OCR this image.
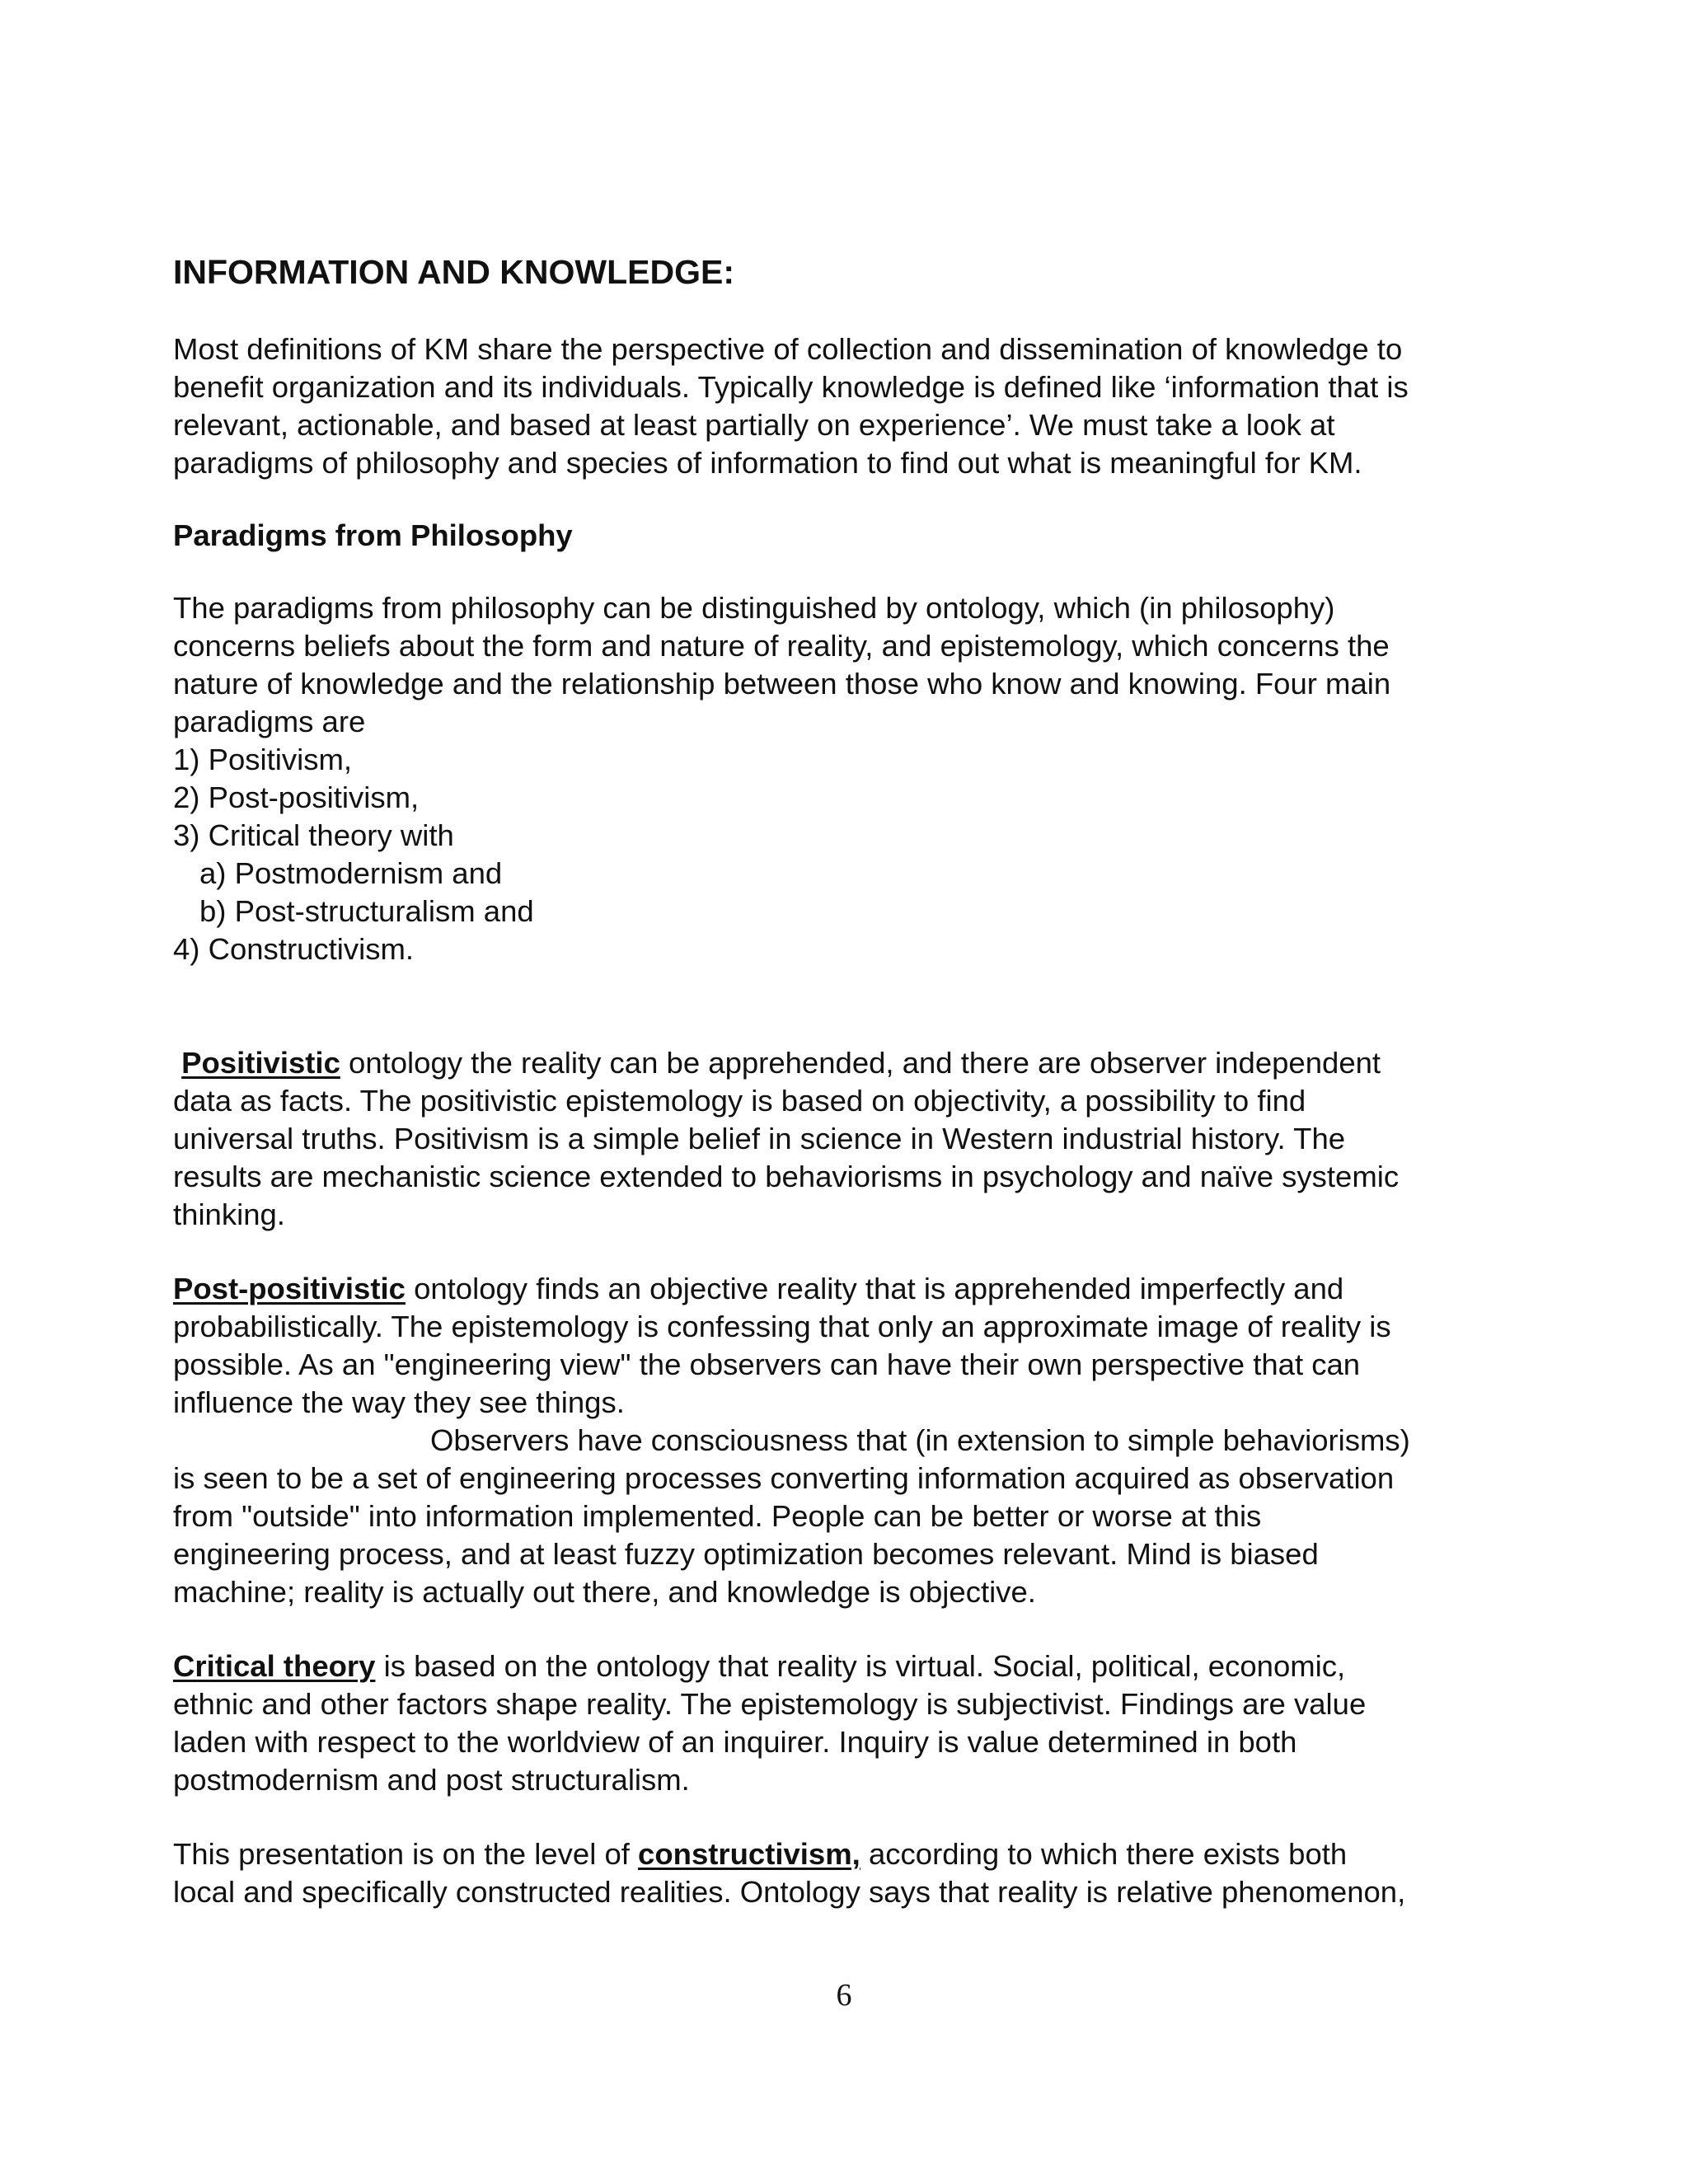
INFORMATION AND KNOWLEDGE:
Most definitions of KM share the perspective of collection and dissemination of knowledge to
benefit organization and its individuals. Typically knowledge is defined like ‘information that is
relevant, actionable, and based at least partially on experience’. We must take a look at
paradigms of philosophy and species of information to find out what is meaningful for KM.
Paradigms from Philosophy
The paradigms from philosophy can be distinguished by ontology, which (in philosophy)
concerns beliefs about the form and nature of reality, and epistemology, which concerns the
nature of knowledge and the relationship between those who know and knowing. Four main
paradigms are
1) Positivism,
2) Post-positivism,
3) Critical theory with
a) Postmodernism and
b) Post-structuralism and
4) Constructivism.
Positivistic ontology the reality can be apprehended, and there are observer independent
data as facts. The positivistic epistemology is based on objectivity, a possibility to find
universal truths. Positivism is a simple belief in science in Western industrial history. The
results are mechanistic science extended to behaviorisms in psychology and naïve systemic
thinking.
Post-positivistic ontology finds an objective reality that is apprehended imperfectly and
probabilistically. The epistemology is confessing that only an approximate image of reality is
possible. As an "engineering view" the observers can have their own perspective that can
influence the way they see things.
Observers have consciousness that (in extension to simple behaviorisms)
is seen to be a set of engineering processes converting information acquired as observation
from "outside" into information implemented. People can be better or worse at this
engineering process, and at least fuzzy optimization becomes relevant. Mind is biased
machine; reality is actually out there, and knowledge is objective.
Critical theory is based on the ontology that reality is virtual. Social, political, economic,
ethnic and other factors shape reality. The epistemology is subjectivist. Findings are value
laden with respect to the worldview of an inquirer. Inquiry is value determined in both
postmodernism and post structuralism.
This presentation is on the level of constructivism, according to which there exists both
local and specifically constructed realities. Ontology says that reality is relative phenomenon,
6
